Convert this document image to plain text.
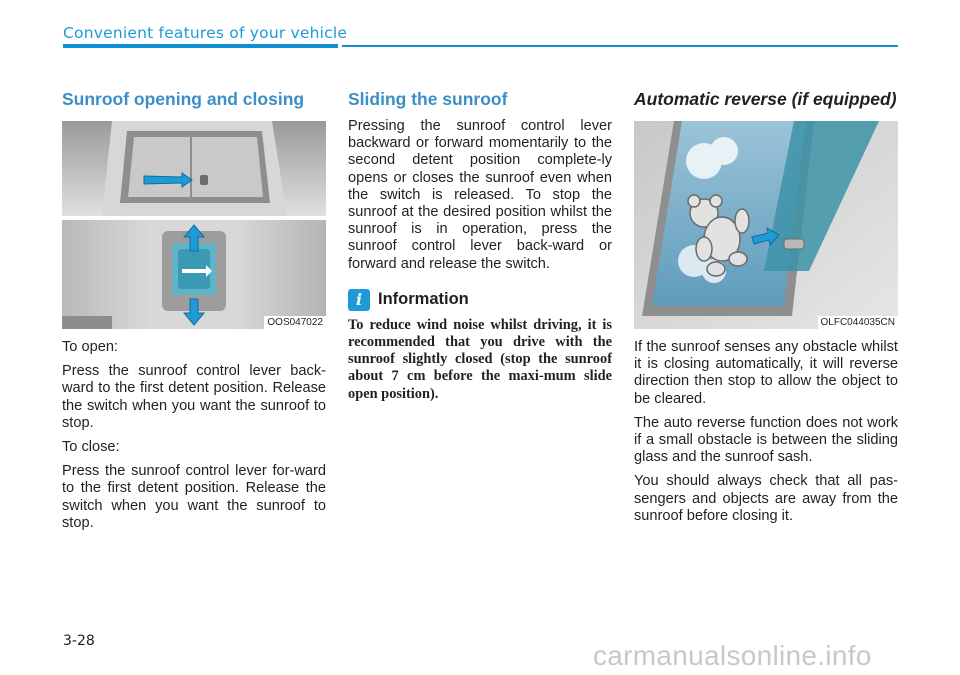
Convenient features of your vehicle
Sunroof opening and closing
OOS047022

To open:

Press the sunroof control lever back-ward to the first detent position. Release the switch when you want the sunroof to stop.

To close:

Press the sunroof control lever for-ward to the first detent position. Release the switch when you want the sunroof to stop.

Sliding the sunroof

Pressing the sunroof control lever backward or forward momentarily to the second detent position complete-ly opens or closes the sunroof even when the switch is released. To stop the sunroof at the desired position whilst the sunroof is in operation, press the sunroof control lever back-ward or forward and release the switch.

i Information

To reduce wind noise whilst driving, it is recommended that you drive with the sunroof slightly closed (stop the sunroof about 7 cm before the maxi-mum slide open position).

Automatic reverse (if equipped)
OLFC044035CN

If the sunroof senses any obstacle whilst it is closing automatically, it will reverse direction then stop to allow the object to be cleared.

The auto reverse function does not work if a small obstacle is between the sliding glass and the sunroof sash.

You should always check that all pas-sengers and objects are away from the sunroof before closing it.

3-28	carmanualsonline.info
